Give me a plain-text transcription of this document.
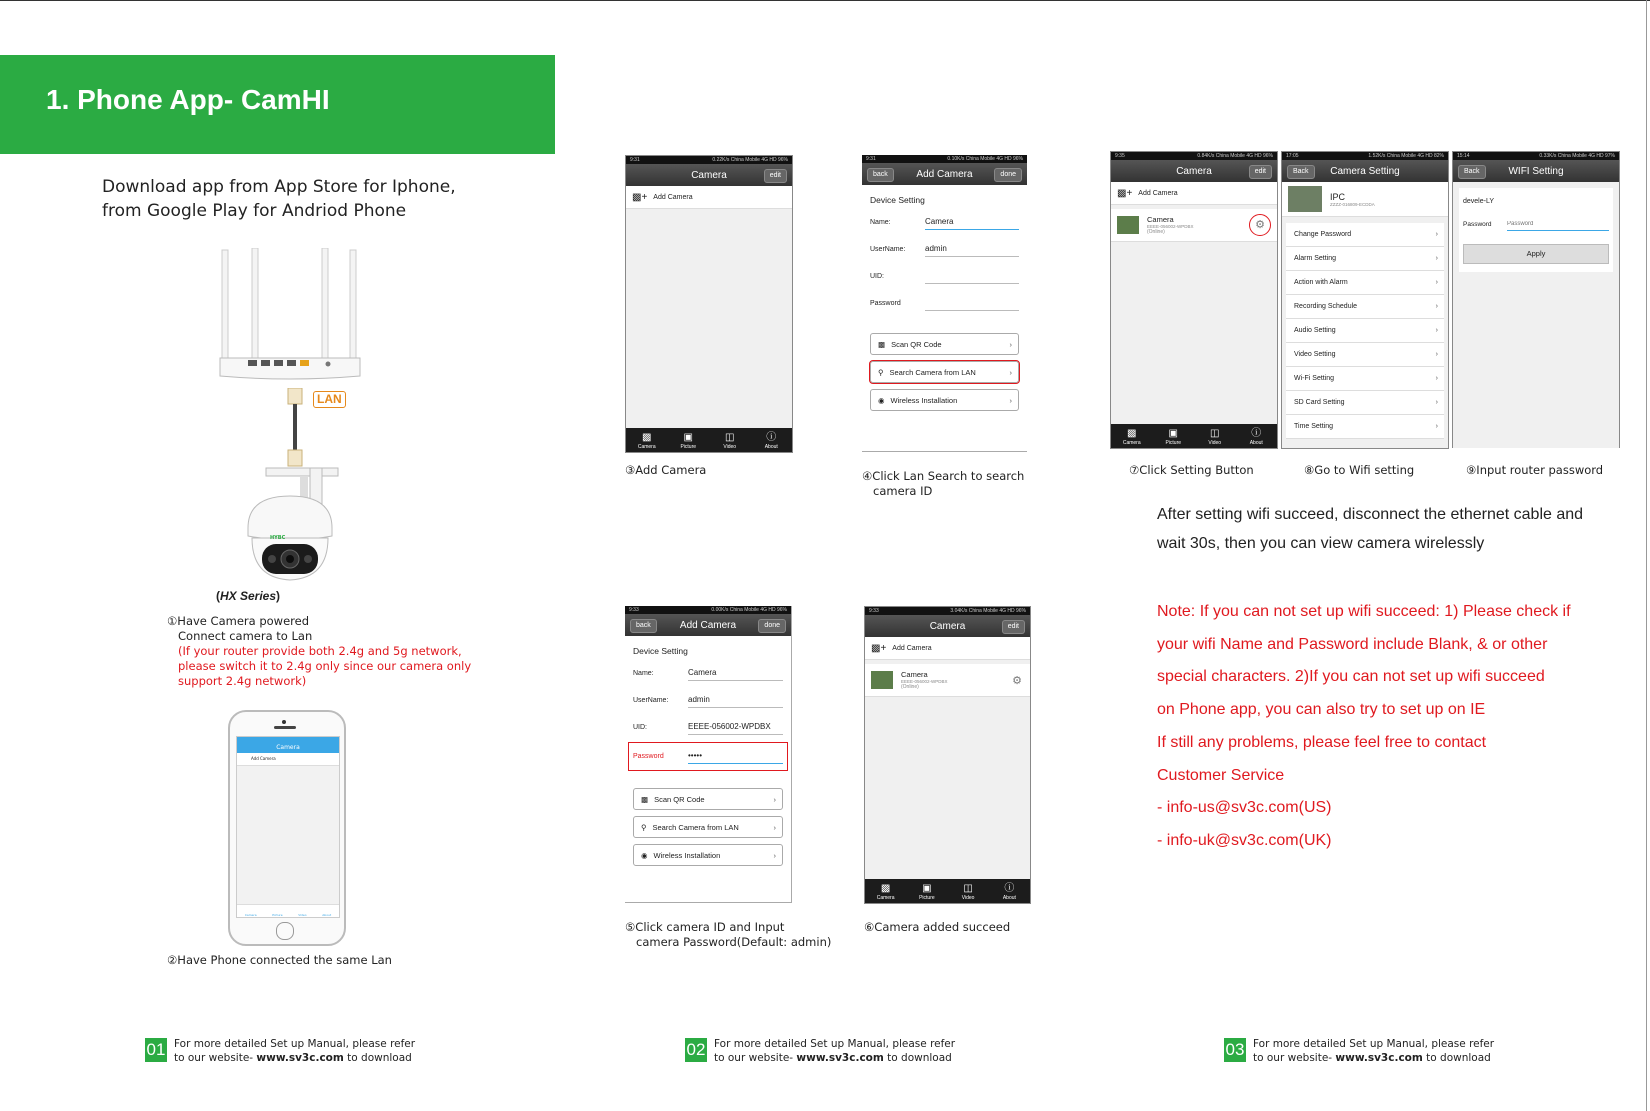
1. Phone App- CamHI
Download app from App Store for Iphone,
from Google Play for Andriod Phone
LAN
HYBC
(HX Series)
①Have Camera powered
Connect camera to Lan
(If your router provide both 2.4g and 5g network,
please switch it to 2.4g only since our camera only
support 2.4g network)
Camera
Add Camera
Camera	Picture	Video	About
②Have Phone connected the same Lan
9:31	0.22K/s China Mobile 4G HD 96%
Camera	edit
▩+ Add Camera
▩
Camera
▣
Picture
◫
Video
ⓘ
About
③Add Camera
9:31	0.10K/s China Mobile 4G HD 96%
back	Add Camera	done
Device Setting
Name:	Camera
UserName:	admin
UID:
Password
▩ Scan QR Code	›
⚲ Search Camera from LAN	›
◉ Wireless Installation	›
④Click Lan Search to search
camera ID
9:33	0.00K/s China Mobile 4G HD 96%
back	Add Camera	done
Device Setting
Name:	Camera
UserName:	admin
UID:	EEEE-056002-WPDBX
Password	•••••
▩ Scan QR Code	›
⚲ Search Camera from LAN	›
◉ Wireless Installation	›
⑤Click camera ID and Input
camera Password(Default: admin)
9:33	3.04K/s China Mobile 4G HD 96%
Camera	edit
▩+ Add Camera
Camera
EEEE-056002-WPDBX
(Online)
⚙
▩
Camera
▣
Picture
◫
Video
ⓘ
About
⑥Camera added succeed
9:35	0.84K/s China Mobile 4G HD 96%
Camera	edit
▩+ Add Camera
Camera
EEEE-056002-WPDBX
(Online)
⚙
▩
Camera
▣
Picture
◫
Video
ⓘ
About
⑦Click Setting Button
17:05	1.52K/s China Mobile 4G HD 82%
Back	Camera Setting
IPC
ZZZZ-016809-ECDDA
Change Password	›
Alarm Setting	›
Action with Alarm	›
Recording Schedule	›
Audio Setting	›
Video Setting	›
Wi-Fi Setting	›
SD Card Setting	›
Time Setting	›
⑧Go to Wifi setting
15:14	0.33K/s China Mobile 4G HD 97%
Back	WIFI Setting
devele-LY
Password
Password
Apply
⑨Input router password
After setting wifi succeed, disconnect the ethernet cable and
wait 30s, then you can view camera wirelessly
Note: If you can not set up wifi succeed: 1) Please check if
your wifi Name and Password include Blank, & or other
special characters. 2)If you can not set up wifi succeed
on Phone app, you can also try to set up on IE
If still any problems, please feel free to contact
Customer Service
- info-us@sv3c.com(US)
- info-uk@sv3c.com(UK)
01 For more detailed Set up Manual, please refer
to our website- www.sv3c.com to download	02 For more detailed Set up Manual, please refer
to our website- www.sv3c.com to download	03 For more detailed Set up Manual, please refer
to our website- www.sv3c.com to download
